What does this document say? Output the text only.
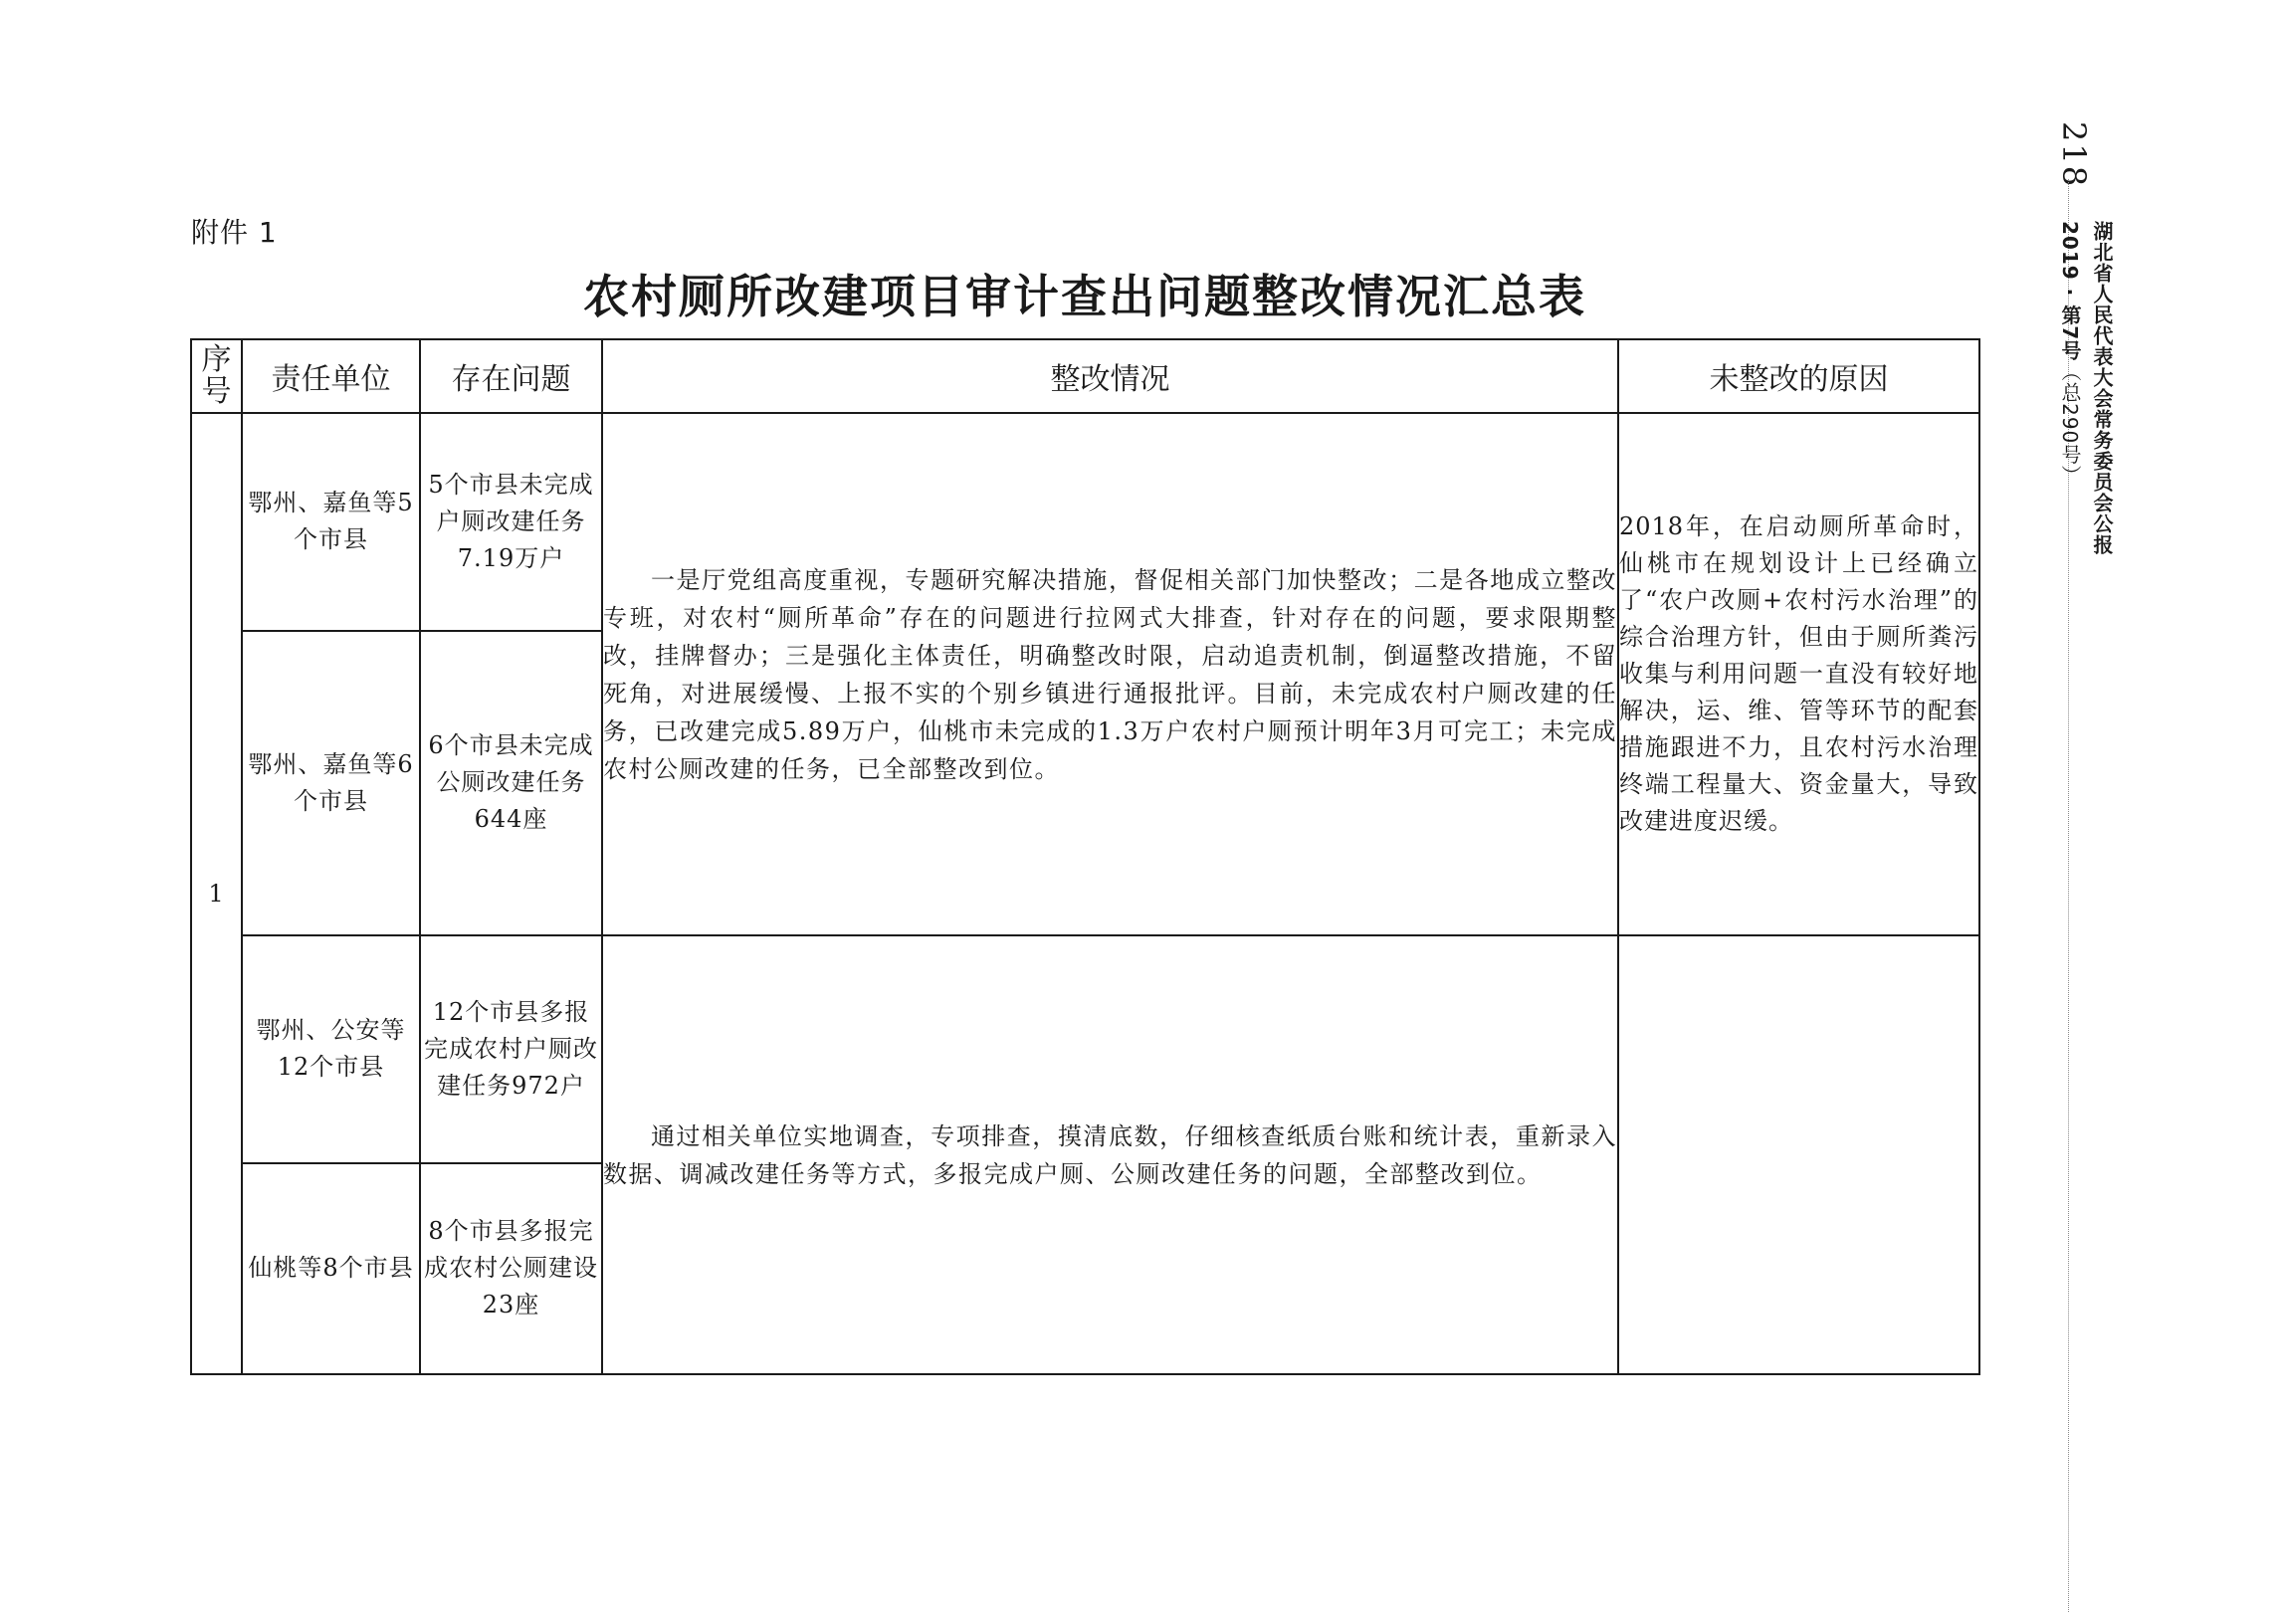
附件 1
农村厕所改建项目审计查出问题整改情况汇总表
序号	责任单位	存在问题	整改情况	未整改的原因
1	鄂州、嘉鱼等5个市县	5个市县未完成户厕改建任务7.19万户	一是厅党组高度重视，专题研究解决措施，督促相关部门加快整改；二是各地成立整改专班，对农村“厕所革命”存在的问题进行拉网式大排查，针对存在的问题，要求限期整改，挂牌督办；三是强化主体责任，明确整改时限，启动追责机制，倒逼整改措施，不留死角，对进展缓慢、上报不实的个别乡镇进行通报批评。目前，未完成农村户厕改建的任务，已改建完成5.89万户，仙桃市未完成的1.3万户农村户厕预计明年3月可完工；未完成农村公厕改建的任务，已全部整改到位。	2018年，在启动厕所革命时，仙桃市在规划设计上已经确立了“农户改厕+农村污水治理”的综合治理方针，但由于厕所粪污收集与利用问题一直没有较好地解决，运、维、管等环节的配套措施跟进不力，且农村污水治理终端工程量大、资金量大，导致改建进度迟缓。
	鄂州、嘉鱼等6个市县	6个市县未完成公厕改建任务644座		
	鄂州、公安等12个市县	12个市县多报完成农村户厕改建任务972户	通过相关单位实地调查，专项排查，摸清底数，仔细核查纸质台账和统计表，重新录入数据、调减改建任务等方式，多报完成户厕、公厕改建任务的问题，全部整改到位。	

	仙桃等8个市县	8个市县多报完成农村公厕建设23座		
218
湖北省人民代表大会常务委员会公报
2019 · 第7号（总290号）
